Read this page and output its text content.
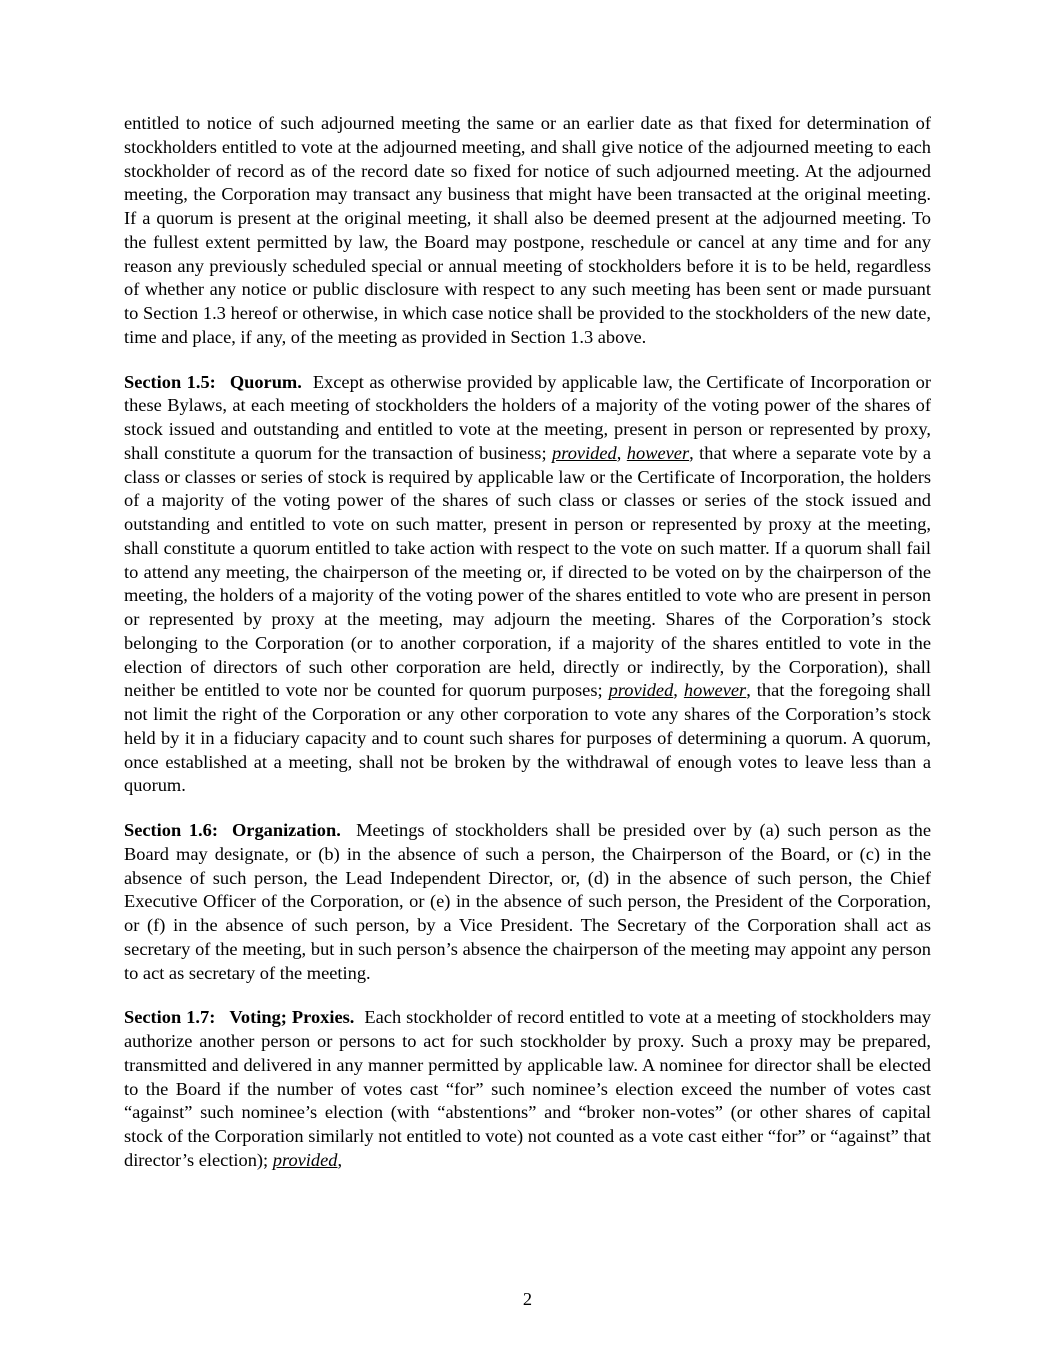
entitled to notice of such adjourned meeting the same or an earlier date as that fixed for determination of stockholders entitled to vote at the adjourned meeting, and shall give notice of the adjourned meeting to each stockholder of record as of the record date so fixed for notice of such adjourned meeting. At the adjourned meeting, the Corporation may transact any business that might have been transacted at the original meeting. If a quorum is present at the original meeting, it shall also be deemed present at the adjourned meeting. To the fullest extent permitted by law, the Board may postpone, reschedule or cancel at any time and for any reason any previously scheduled special or annual meeting of stockholders before it is to be held, regardless of whether any notice or public disclosure with respect to any such meeting has been sent or made pursuant to Section 1.3 hereof or otherwise, in which case notice shall be provided to the stockholders of the new date, time and place, if any, of the meeting as provided in Section 1.3 above.

Section 1.5: Quorum. Except as otherwise provided by applicable law, the Certificate of Incorporation or these Bylaws, at each meeting of stockholders the holders of a majority of the voting power of the shares of stock issued and outstanding and entitled to vote at the meeting, present in person or represented by proxy, shall constitute a quorum for the transaction of business; provided, however, that where a separate vote by a class or classes or series of stock is required by applicable law or the Certificate of Incorporation, the holders of a majority of the voting power of the shares of such class or classes or series of the stock issued and outstanding and entitled to vote on such matter, present in person or represented by proxy at the meeting, shall constitute a quorum entitled to take action with respect to the vote on such matter. If a quorum shall fail to attend any meeting, the chairperson of the meeting or, if directed to be voted on by the chairperson of the meeting, the holders of a majority of the voting power of the shares entitled to vote who are present in person or represented by proxy at the meeting, may adjourn the meeting. Shares of the Corporation’s stock belonging to the Corporation (or to another corporation, if a majority of the shares entitled to vote in the election of directors of such other corporation are held, directly or indirectly, by the Corporation), shall neither be entitled to vote nor be counted for quorum purposes; provided, however, that the foregoing shall not limit the right of the Corporation or any other corporation to vote any shares of the Corporation’s stock held by it in a fiduciary capacity and to count such shares for purposes of determining a quorum. A quorum, once established at a meeting, shall not be broken by the withdrawal of enough votes to leave less than a quorum.

Section 1.6: Organization. Meetings of stockholders shall be presided over by (a) such person as the Board may designate, or (b) in the absence of such a person, the Chairperson of the Board, or (c) in the absence of such person, the Lead Independent Director, or, (d) in the absence of such person, the Chief Executive Officer of the Corporation, or (e) in the absence of such person, the President of the Corporation, or (f) in the absence of such person, by a Vice President. The Secretary of the Corporation shall act as secretary of the meeting, but in such person’s absence the chairperson of the meeting may appoint any person to act as secretary of the meeting.

Section 1.7: Voting; Proxies. Each stockholder of record entitled to vote at a meeting of stockholders may authorize another person or persons to act for such stockholder by proxy. Such a proxy may be prepared, transmitted and delivered in any manner permitted by applicable law. A nominee for director shall be elected to the Board if the number of votes cast “for” such nominee’s election exceed the number of votes cast “against” such nominee’s election (with “abstentions” and “broker non-votes” (or other shares of capital stock of the Corporation similarly not entitled to vote) not counted as a vote cast either “for” or “against” that director’s election); provided,

2
